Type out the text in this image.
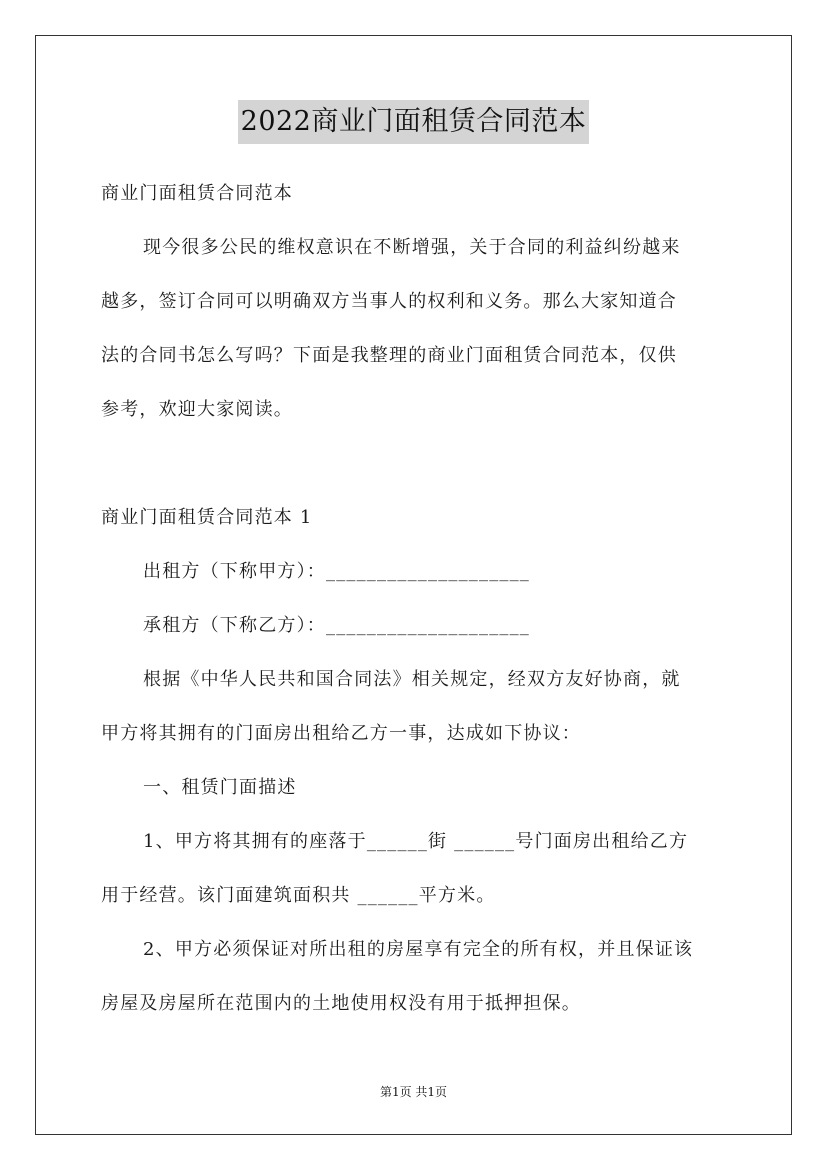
2022商业门面租赁合同范本
商业门面租赁合同范本
现今很多公民的维权意识在不断增强，关于合同的利益纠纷越来
越多，签订合同可以明确双方当事人的权利和义务。那么大家知道合
法的合同书怎么写吗？下面是我整理的商业门面租赁合同范本，仅供
参考，欢迎大家阅读。
商业门面租赁合同范本 1
出租方（下称甲方）：____________________
承租方（下称乙方）：____________________
根据《中华人民共和国合同法》相关规定，经双方友好协商，就
甲方将其拥有的门面房出租给乙方一事，达成如下协议：
一、租赁门面描述
1、甲方将其拥有的座落于______街 ______号门面房出租给乙方
用于经营。该门面建筑面积共 ______平方米。
2、甲方必须保证对所出租的房屋享有完全的所有权，并且保证该
房屋及房屋所在范围内的土地使用权没有用于抵押担保。
第1页 共1页
